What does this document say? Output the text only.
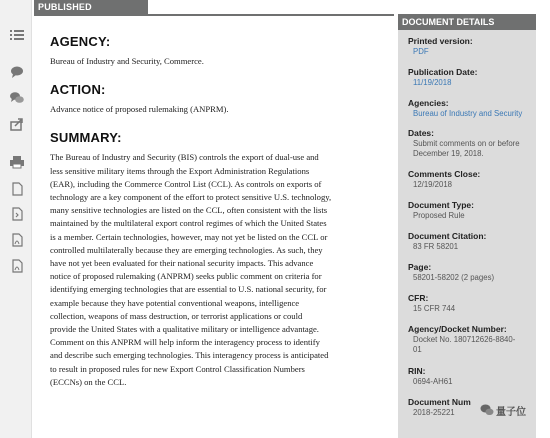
PUBLISHED
AGENCY:

Bureau of Industry and Security, Commerce.

ACTION:

Advance notice of proposed rulemaking (ANPRM).

SUMMARY:

The Bureau of Industry and Security (BIS) controls the export of dual-use and

less sensitive military items through the Export Administration Regulations

(EAR), including the Commerce Control List (CCL). As controls on exports of

technology are a key component of the effort to protect sensitive U.S. technology,

many sensitive technologies are listed on the CCL, often consistent with the lists

maintained by the multilateral export control regimes of which the United States

is a member. Certain technologies, however, may not yet be listed on the CCL or

controlled multilaterally because they are emerging technologies. As such, they

have not yet been evaluated for their national security impacts. This advance

notice of proposed rulemaking (ANPRM) seeks public comment on criteria for

identifying emerging technologies that are essential to U.S. national security, for

example because they have potential conventional weapons, intelligence

collection, weapons of mass destruction, or terrorist applications or could

provide the United States with a qualitative military or intelligence advantage.

Comment on this ANPRM will help inform the interagency process to identify

and describe such emerging technologies. This interagency process is anticipated

to result in proposed rules for new Export Control Classification Numbers

(ECCNs) on the CCL.

DOCUMENT DETAILS
Printed version:
PDF
Publication Date:
11/19/2018
Agencies:
Bureau of Industry and Security
Dates:
Submit comments on or before
December 19, 2018.
Comments Close:
12/19/2018
Document Type:
Proposed Rule
Document Citation:
83 FR 58201
Page:
58201-58202 (2 pages)
CFR:
15 CFR 744
Agency/Docket Number:
Docket No. 180712626-8840-
01
RIN:
0694-AH61
Document Num
2018-25221	量子位
